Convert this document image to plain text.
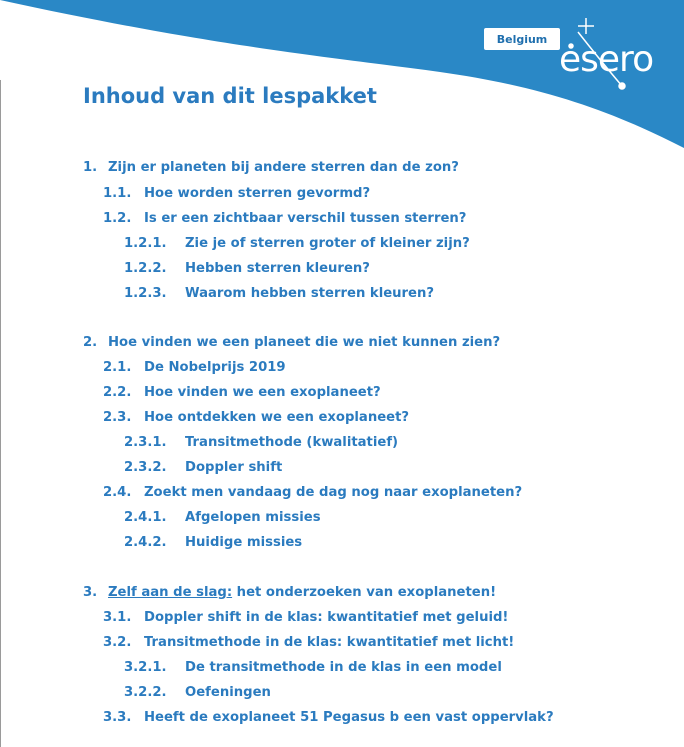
Belgium esero
Inhoud van dit lespakket
1. Zijn er planeten bij andere sterren dan de zon?
1.1. Hoe worden sterren gevormd?
1.2. Is er een zichtbaar verschil tussen sterren?
1.2.1. Zie je of sterren groter of kleiner zijn?
1.2.2. Hebben sterren kleuren?
1.2.3. Waarom hebben sterren kleuren?
2. Hoe vinden we een planeet die we niet kunnen zien?
2.1. De Nobelprijs 2019
2.2. Hoe vinden we een exoplaneet?
2.3. Hoe ontdekken we een exoplaneet?
2.3.1. Transitmethode (kwalitatief)
2.3.2. Doppler shift
2.4. Zoekt men vandaag de dag nog naar exoplaneten?
2.4.1. Afgelopen missies
2.4.2. Huidige missies
3. Zelf aan de slag: het onderzoeken van exoplaneten!
3.1. Doppler shift in de klas: kwantitatief met geluid!
3.2. Transitmethode in de klas: kwantitatief met licht!
3.2.1. De transitmethode in de klas in een model
3.2.2. Oefeningen
3.3. Heeft de exoplaneet 51 Pegasus b een vast oppervlak?
